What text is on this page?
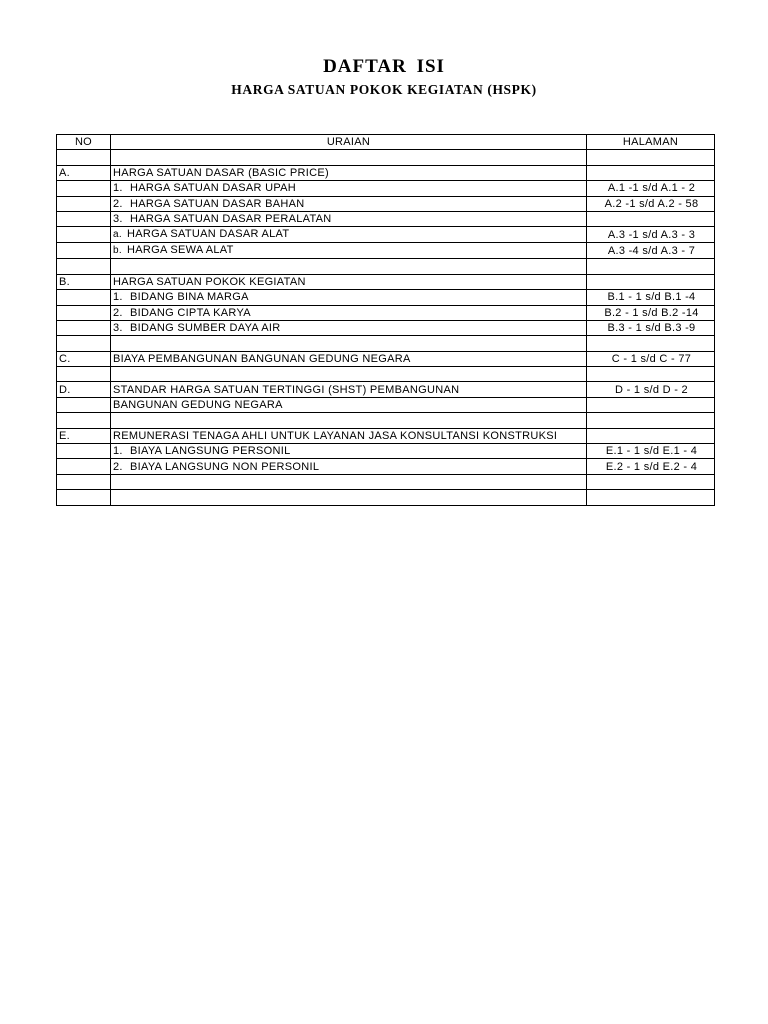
DAFTAR ISI
HARGA SATUAN POKOK KEGIATAN (HSPK)
NO	URAIAN	HALAMAN

A.	HARGA SATUAN DASAR (BASIC PRICE)	
	1. HARGA SATUAN DASAR UPAH	A.1 -1 s/d A.1 - 2
	2. HARGA SATUAN DASAR BAHAN	A.2 -1 s/d A.2 - 58
	3. HARGA SATUAN DASAR PERALATAN	
	a. HARGA SATUAN DASAR ALAT	A.3 -1 s/d A.3 - 3
	b. HARGA SEWA ALAT	A.3 -4 s/d A.3 - 7

B.	HARGA SATUAN POKOK KEGIATAN	
	1. BIDANG BINA MARGA	B.1 - 1 s/d B.1 -4
	2. BIDANG CIPTA KARYA	B.2 - 1 s/d B.2 -14
	3. BIDANG SUMBER DAYA AIR	B.3 - 1 s/d B.3 -9

C.	BIAYA PEMBANGUNAN BANGUNAN GEDUNG NEGARA	C - 1 s/d C - 77

D.	STANDAR HARGA SATUAN TERTINGGI (SHST) PEMBANGUNAN	D - 1 s/d D - 2
	BANGUNAN GEDUNG NEGARA	

E.	REMUNERASI TENAGA AHLI UNTUK LAYANAN JASA KONSULTANSI KONSTRUKSI	
	1. BIAYA LANGSUNG PERSONIL	E.1 - 1 s/d E.1 - 4
	2. BIAYA LANGSUNG NON PERSONIL	E.2 - 1 s/d E.2 - 4
